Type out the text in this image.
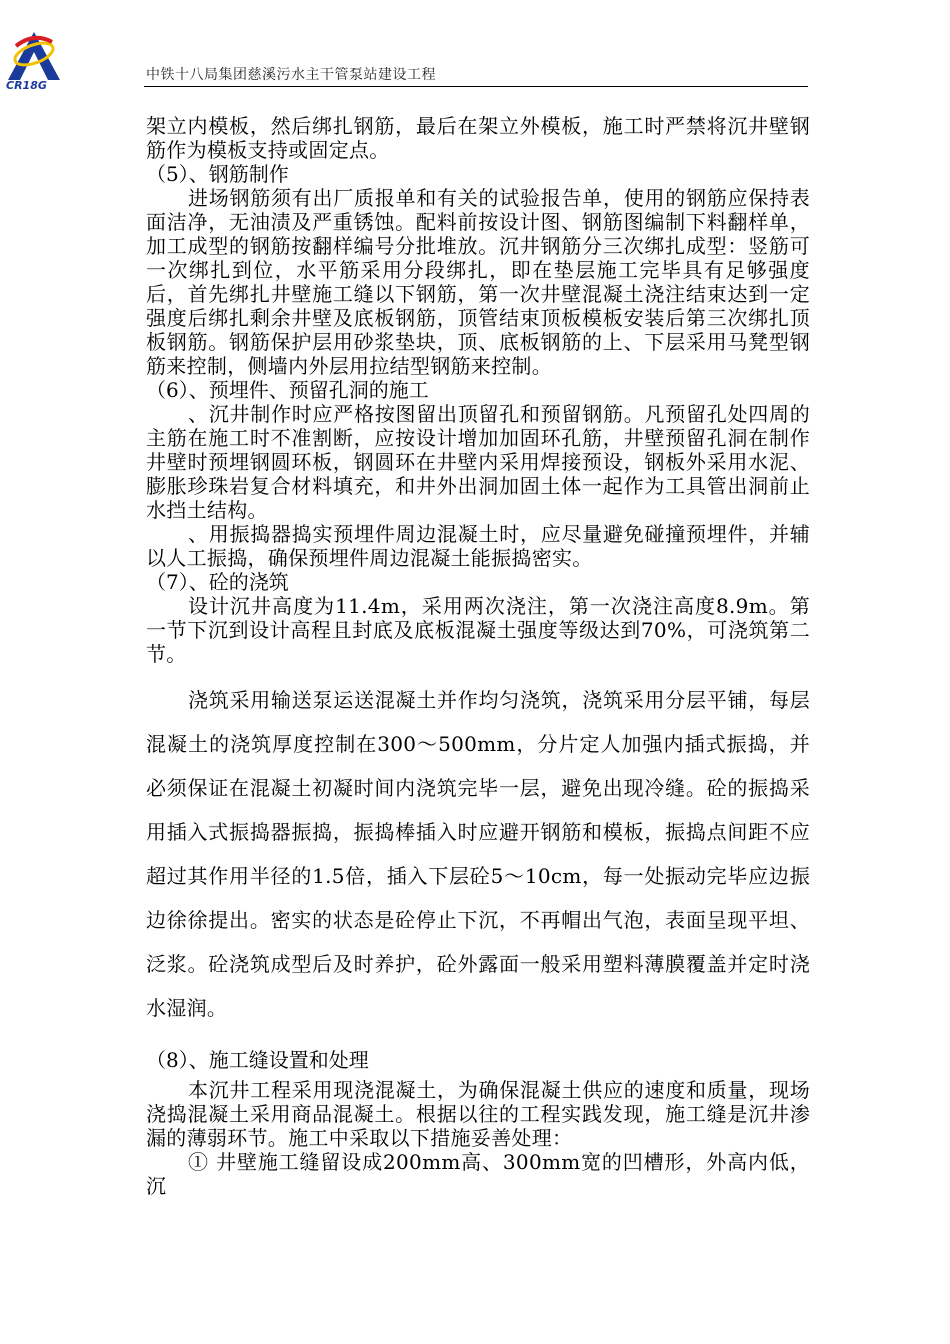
CR18G
中铁十八局集团慈溪污水主干管泵站建设工程

架立内模板，然后绑扎钢筋，最后在架立外模板，施工时严禁将沉井壁钢筋作为模板支持或固定点。

（5）、钢筋制作

进场钢筋须有出厂质报单和有关的试验报告单，使用的钢筋应保持表面洁净，无油渍及严重锈蚀。配料前按设计图、钢筋图编制下料翻样单，加工成型的钢筋按翻样编号分批堆放。沉井钢筋分三次绑扎成型：竖筋可一次绑扎到位，水平筋采用分段绑扎，即在垫层施工完毕具有足够强度后，首先绑扎井壁施工缝以下钢筋，第一次井壁混凝土浇注结束达到一定强度后绑扎剩余井壁及底板钢筋，顶管结束顶板模板安装后第三次绑扎顶板钢筋。钢筋保护层用砂浆垫块，顶、底板钢筋的上、下层采用马凳型钢筋来控制，侧墙内外层用拉结型钢筋来控制。

（6）、预埋件、预留孔洞的施工

、沉井制作时应严格按图留出顶留孔和预留钢筋。凡预留孔处四周的主筋在施工时不准割断，应按设计增加加固环孔筋，井壁预留孔洞在制作井壁时预埋钢圆环板，钢圆环在井壁内采用焊接预设，钢板外采用水泥、膨胀珍珠岩复合材料填充，和井外出洞加固土体一起作为工具管出洞前止水挡土结构。

、用振捣器捣实预埋件周边混凝土时，应尽量避免碰撞预埋件，并辅以人工振捣，确保预埋件周边混凝土能振捣密实。

（7）、砼的浇筑

设计沉井高度为11.4m，采用两次浇注，第一次浇注高度8.9m。第一节下沉到设计高程且封底及底板混凝土强度等级达到70%，可浇筑第二节。

浇筑采用输送泵运送混凝土并作均匀浇筑，浇筑采用分层平铺，每层混凝土的浇筑厚度控制在300～500mm，分片定人加强内插式振捣，并必须保证在混凝土初凝时间内浇筑完毕一层，避免出现冷缝。砼的振捣采用插入式振捣器振捣，振捣棒插入时应避开钢筋和模板，振捣点间距不应超过其作用半径的1.5倍，插入下层砼5～10cm，每一处振动完毕应边振边徐徐提出。密实的状态是砼停止下沉，不再帽出气泡，表面呈现平坦、泛浆。砼浇筑成型后及时养护，砼外露面一般采用塑料薄膜覆盖并定时浇水湿润。

（8）、施工缝设置和处理

本沉井工程采用现浇混凝土，为确保混凝土供应的速度和质量，现场浇捣混凝土采用商品混凝土。根据以往的工程实践发现，施工缝是沉井渗漏的薄弱环节。施工中采取以下措施妥善处理：

① 井壁施工缝留设成200mm高、300mm宽的凹槽形，外高内低，沉
